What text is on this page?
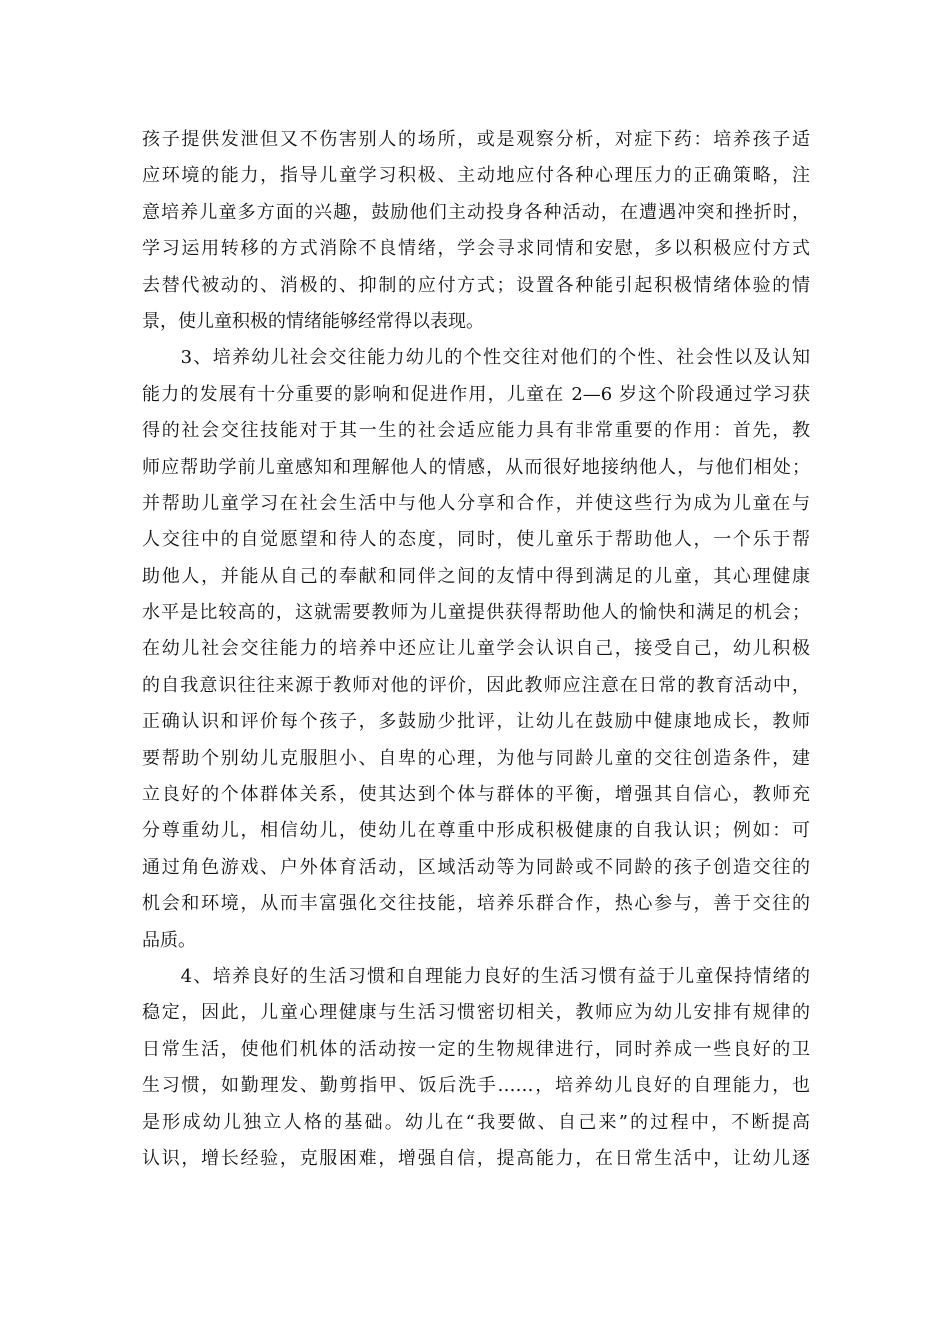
孩子提供发泄但又不伤害别人的场所，或是观察分析，对症下药：培养孩子适
应环境的能力，指导儿童学习积极、主动地应付各种心理压力的正确策略，注
意培养儿童多方面的兴趣，鼓励他们主动投身各种活动，在遭遇冲突和挫折时，
学习运用转移的方式消除不良情绪，学会寻求同情和安慰，多以积极应付方式
去替代被动的、消极的、抑制的应付方式；设置各种能引起积极情绪体验的情
景，使儿童积极的情绪能够经常得以表现。
　　3、培养幼儿社会交往能力幼儿的个性交往对他们的个性、社会性以及认知
能力的发展有十分重要的影响和促进作用，儿童在 2—6 岁这个阶段通过学习获
得的社会交往技能对于其一生的社会适应能力具有非常重要的作用：首先，教
师应帮助学前儿童感知和理解他人的情感，从而很好地接纳他人，与他们相处；
并帮助儿童学习在社会生活中与他人分享和合作，并使这些行为成为儿童在与
人交往中的自觉愿望和待人的态度，同时，使儿童乐于帮助他人，一个乐于帮
助他人，并能从自己的奉献和同伴之间的友情中得到满足的儿童，其心理健康
水平是比较高的，这就需要教师为儿童提供获得帮助他人的愉快和满足的机会；
在幼儿社会交往能力的培养中还应让儿童学会认识自己，接受自己，幼儿积极
的自我意识往往来源于教师对他的评价，因此教师应注意在日常的教育活动中，
正确认识和评价每个孩子，多鼓励少批评，让幼儿在鼓励中健康地成长，教师
要帮助个别幼儿克服胆小、自卑的心理，为他与同龄儿童的交往创造条件，建
立良好的个体群体关系，使其达到个体与群体的平衡，增强其自信心，教师充
分尊重幼儿，相信幼儿，使幼儿在尊重中形成积极健康的自我认识；例如：可
通过角色游戏、户外体育活动，区域活动等为同龄或不同龄的孩子创造交往的
机会和环境，从而丰富强化交往技能，培养乐群合作，热心参与，善于交往的
品质。
　　4、培养良好的生活习惯和自理能力良好的生活习惯有益于儿童保持情绪的
稳定，因此，儿童心理健康与生活习惯密切相关，教师应为幼儿安排有规律的
日常生活，使他们机体的活动按一定的生物规律进行，同时养成一些良好的卫
生习惯，如勤理发、勤剪指甲、饭后洗手……，培养幼儿良好的自理能力，也
是形成幼儿独立人格的基础。幼儿在“我要做、自己来”的过程中，不断提高
认识，增长经验，克服困难，增强自信，提高能力，在日常生活中，让幼儿逐
